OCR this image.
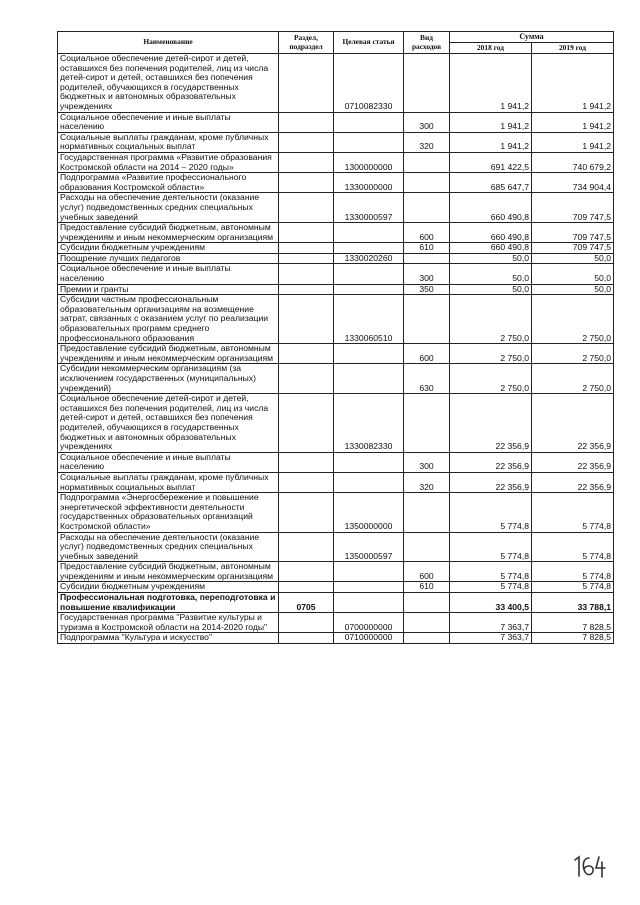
Наименование	Раздел, подраздел	Целевая статья	Вид расходов	Сумма	
				2018 год	2019 год
Социальное обеспечение детей-сирот и детей, оставшихся без попечения родителей, лиц из числа детей-сирот и детей, оставшихся без попечения родителей, обучающихся в государственных бюджетных и автономных образовательных учреждениях		0710082330		1 941,2	1 941,2
Социальное обеспечение и иные выплаты населению			300	1 941,2	1 941,2
Социальные выплаты гражданам, кроме публичных нормативных социальных выплат			320	1 941,2	1 941,2
Государственная программа «Развитие образования Костромской области на 2014 – 2020 годы»		1300000000		691 422,5	740 679,2
Подпрограмма «Развитие профессионального образования Костромской области»		1330000000		685 647,7	734 904,4
Расходы на обеспечение деятельности (оказание услуг) подведомственных средних специальных учебных заведений		1330000597		660 490,8	709 747,5
Предоставление субсидий бюджетным, автономным учреждениям и иным некоммерческим организациям			600	660 490,8	709 747,5
Субсидии бюджетным учреждениям			610	660 490,8	709 747,5
Поощрение лучших педагогов		1330020260		50,0	50,0
Социальное обеспечение и иные выплаты населению			300	50,0	50,0
Премии и гранты			350	50,0	50,0
Субсидии частным профессиональным образовательным организациям на возмещение затрат, связанных с оказанием услуг по реализации образовательных программ среднего профессионального образования		1330060510		2 750,0	2 750,0
Предоставление субсидий бюджетным, автономным учреждениям и иным некоммерческим организациям			600	2 750,0	2 750,0
Субсидии некоммерческим организациям (за исключением государственных (муниципальных) учреждений)			630	2 750,0	2 750,0
Социальное обеспечение детей-сирот и детей, оставшихся без попечения родителей, лиц из числа детей-сирот и детей, оставшихся без попечения родителей, обучающихся в государственных бюджетных и автономных образовательных учреждениях		1330082330		22 356,9	22 356,9
Социальное обеспечение и иные выплаты населению			300	22 356,9	22 356,9
Социальные выплаты гражданам, кроме публичных нормативных социальных выплат			320	22 356,9	22 356,9
Подпрограмма «Энергосбережение и повышение энергетической эффективности деятельности государственных образовательных организаций Костромской области»		1350000000		5 774,8	5 774,8
Расходы на обеспечение деятельности (оказание услуг) подведомственных средних специальных учебных заведений		1350000597		5 774,8	5 774,8
Предоставление субсидий бюджетным, автономным учреждениям и иным некоммерческим организациям			600	5 774,8	5 774,8
Субсидии бюджетным учреждениям			610	5 774,8	5 774,8
Профессиональная подготовка, переподготовка и повышение квалификации	0705			33 400,5	33 788,1
Государственная программа "Развитие культуры и туризма в Костромской области на 2014-2020 годы"		0700000000		7 363,7	7 828,5
Подпрограмма "Культура и искусство"		0710000000		7 363,7	7 828,5
